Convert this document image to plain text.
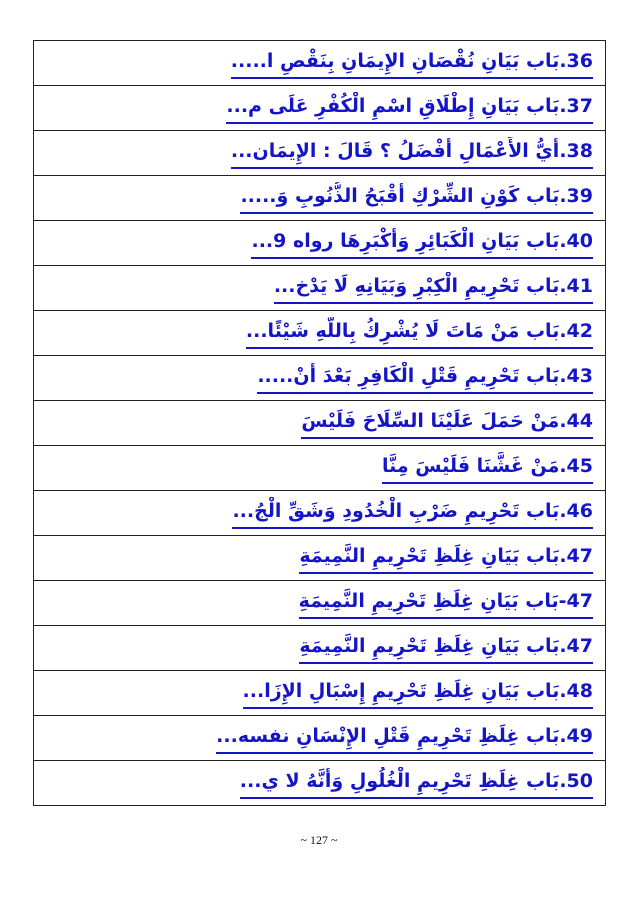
36.بَاب بَيَانِ نُقْصَانِ الإِيمَانِ بِنَقْصِ ا.....

37.بَاب بَيَانِ إِطْلَاقِ اسْمِ الْكُفْرِ عَلَى م...

38.أَيُّ الأَعْمَالِ أَفْضَلُ ؟ قَالَ : الإِيمَان...

39.بَاب كَوْنِ الشِّرْكِ أَقْبَحُ الذُّنُوبِ وَ.....

40.بَاب بَيَانِ الْكَبَائِرِ وَأَكْبَرِهَا رواه 9...

41.بَاب تَحْرِيمِ الْكِبْرِ وَبَيَانِهِ لَا يَدْخ...

42.بَاب مَنْ مَاتَ لَا يُشْرِكُ بِاللَّهِ شَيْئًا...

43.بَاب تَحْرِيمِ قَتْلِ الْكَافِرِ بَعْدَ أَنْ.....

44.مَنْ حَمَلَ عَلَيْنَا السِّلَاحَ فَلَيْسَ

45.مَنْ غَشَّنَا فَلَيْسَ مِنَّا

46.بَاب تَحْرِيمِ ضَرْبِ الْخُدُودِ وَشَقِّ الْجُ...

47.بَاب بَيَانِ غِلَظِ تَحْرِيمِ النَّمِيمَةِ

47-بَاب بَيَانِ غِلَظِ تَحْرِيمِ النَّمِيمَةِ

47.بَاب بَيَانِ غِلَظِ تَحْرِيمِ النَّمِيمَةِ

48.بَاب بَيَانِ غِلَظِ تَحْرِيمِ إِسْبَالِ الإِزَا...

49.بَاب غِلَظِ تَحْرِيمِ قَتْلِ الإِنْسَانِ نفسه...

50.بَاب غِلَظِ تَحْرِيمِ الْغُلُولِ وَأَنَّهُ لا ي...
~ 127 ~
